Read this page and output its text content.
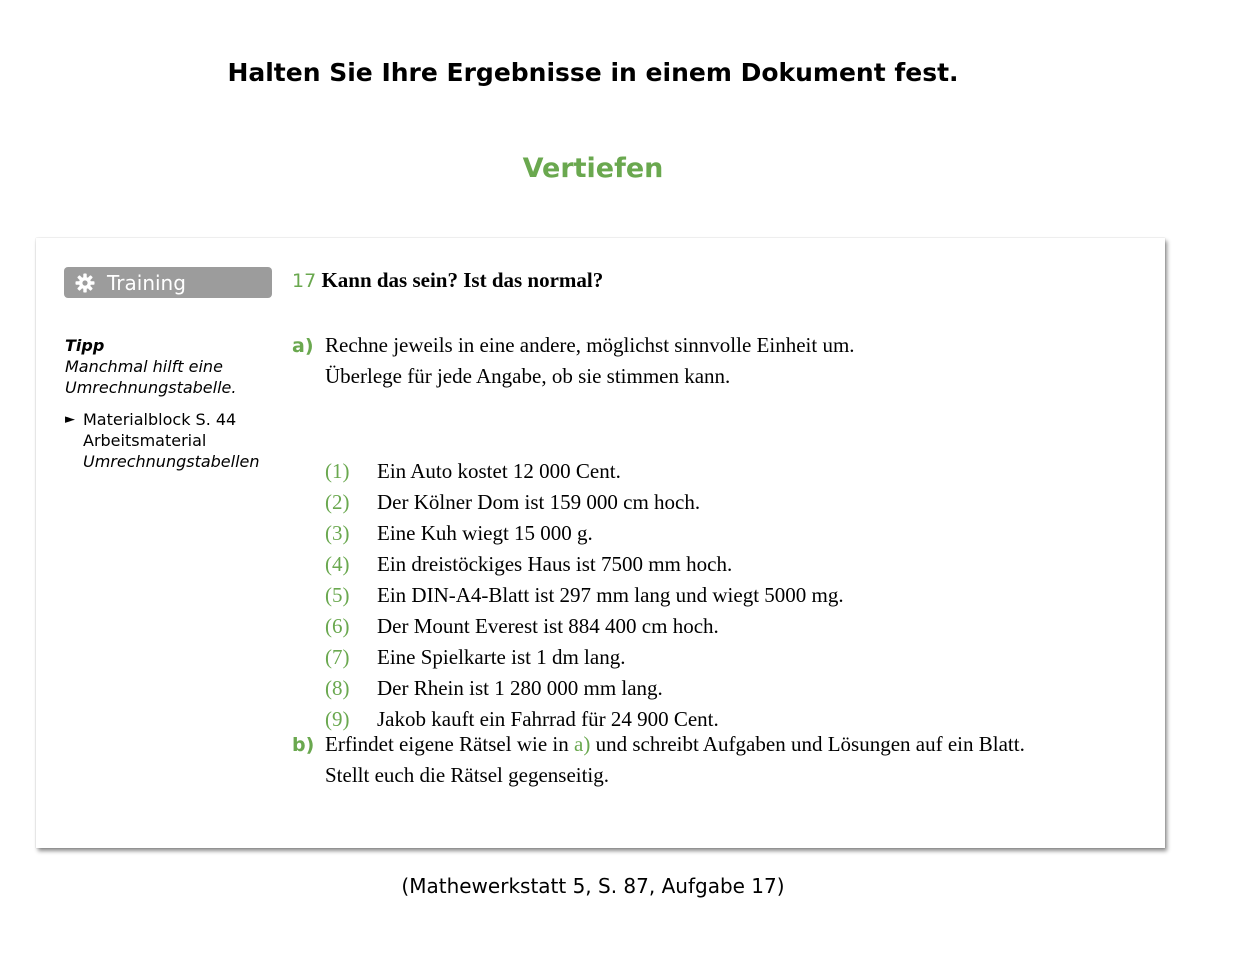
Halten Sie Ihre Ergebnisse in einem Dokument fest.
Vertiefen
Training
Tipp
Manchmal hilft eine
Umrechnungstabelle.
► Materialblock S. 44
Arbeitsmaterial
Umrechnungstabellen
17 Kann das sein? Ist das normal?
a) Rechne jeweils in eine andere, möglichst sinnvolle Einheit um.
Überlege für jede Angabe, ob sie stimmen kann.
(1) Ein Auto kostet 12 000 Cent.
(2) Der Kölner Dom ist 159 000 cm hoch.
(3) Eine Kuh wiegt 15 000 g.
(4) Ein dreistöckiges Haus ist 7500 mm hoch.
(5) Ein DIN-A4-Blatt ist 297 mm lang und wiegt 5000 mg.
(6) Der Mount Everest ist 884 400 cm hoch.
(7) Eine Spielkarte ist 1 dm lang.
(8) Der Rhein ist 1 280 000 mm lang.
(9) Jakob kauft ein Fahrrad für 24 900 Cent.
b) Erfindet eigene Rätsel wie in a) und schreibt Aufgaben und Lösungen auf ein Blatt.
Stellt euch die Rätsel gegenseitig.
(Mathewerkstatt 5, S. 87, Aufgabe 17)
